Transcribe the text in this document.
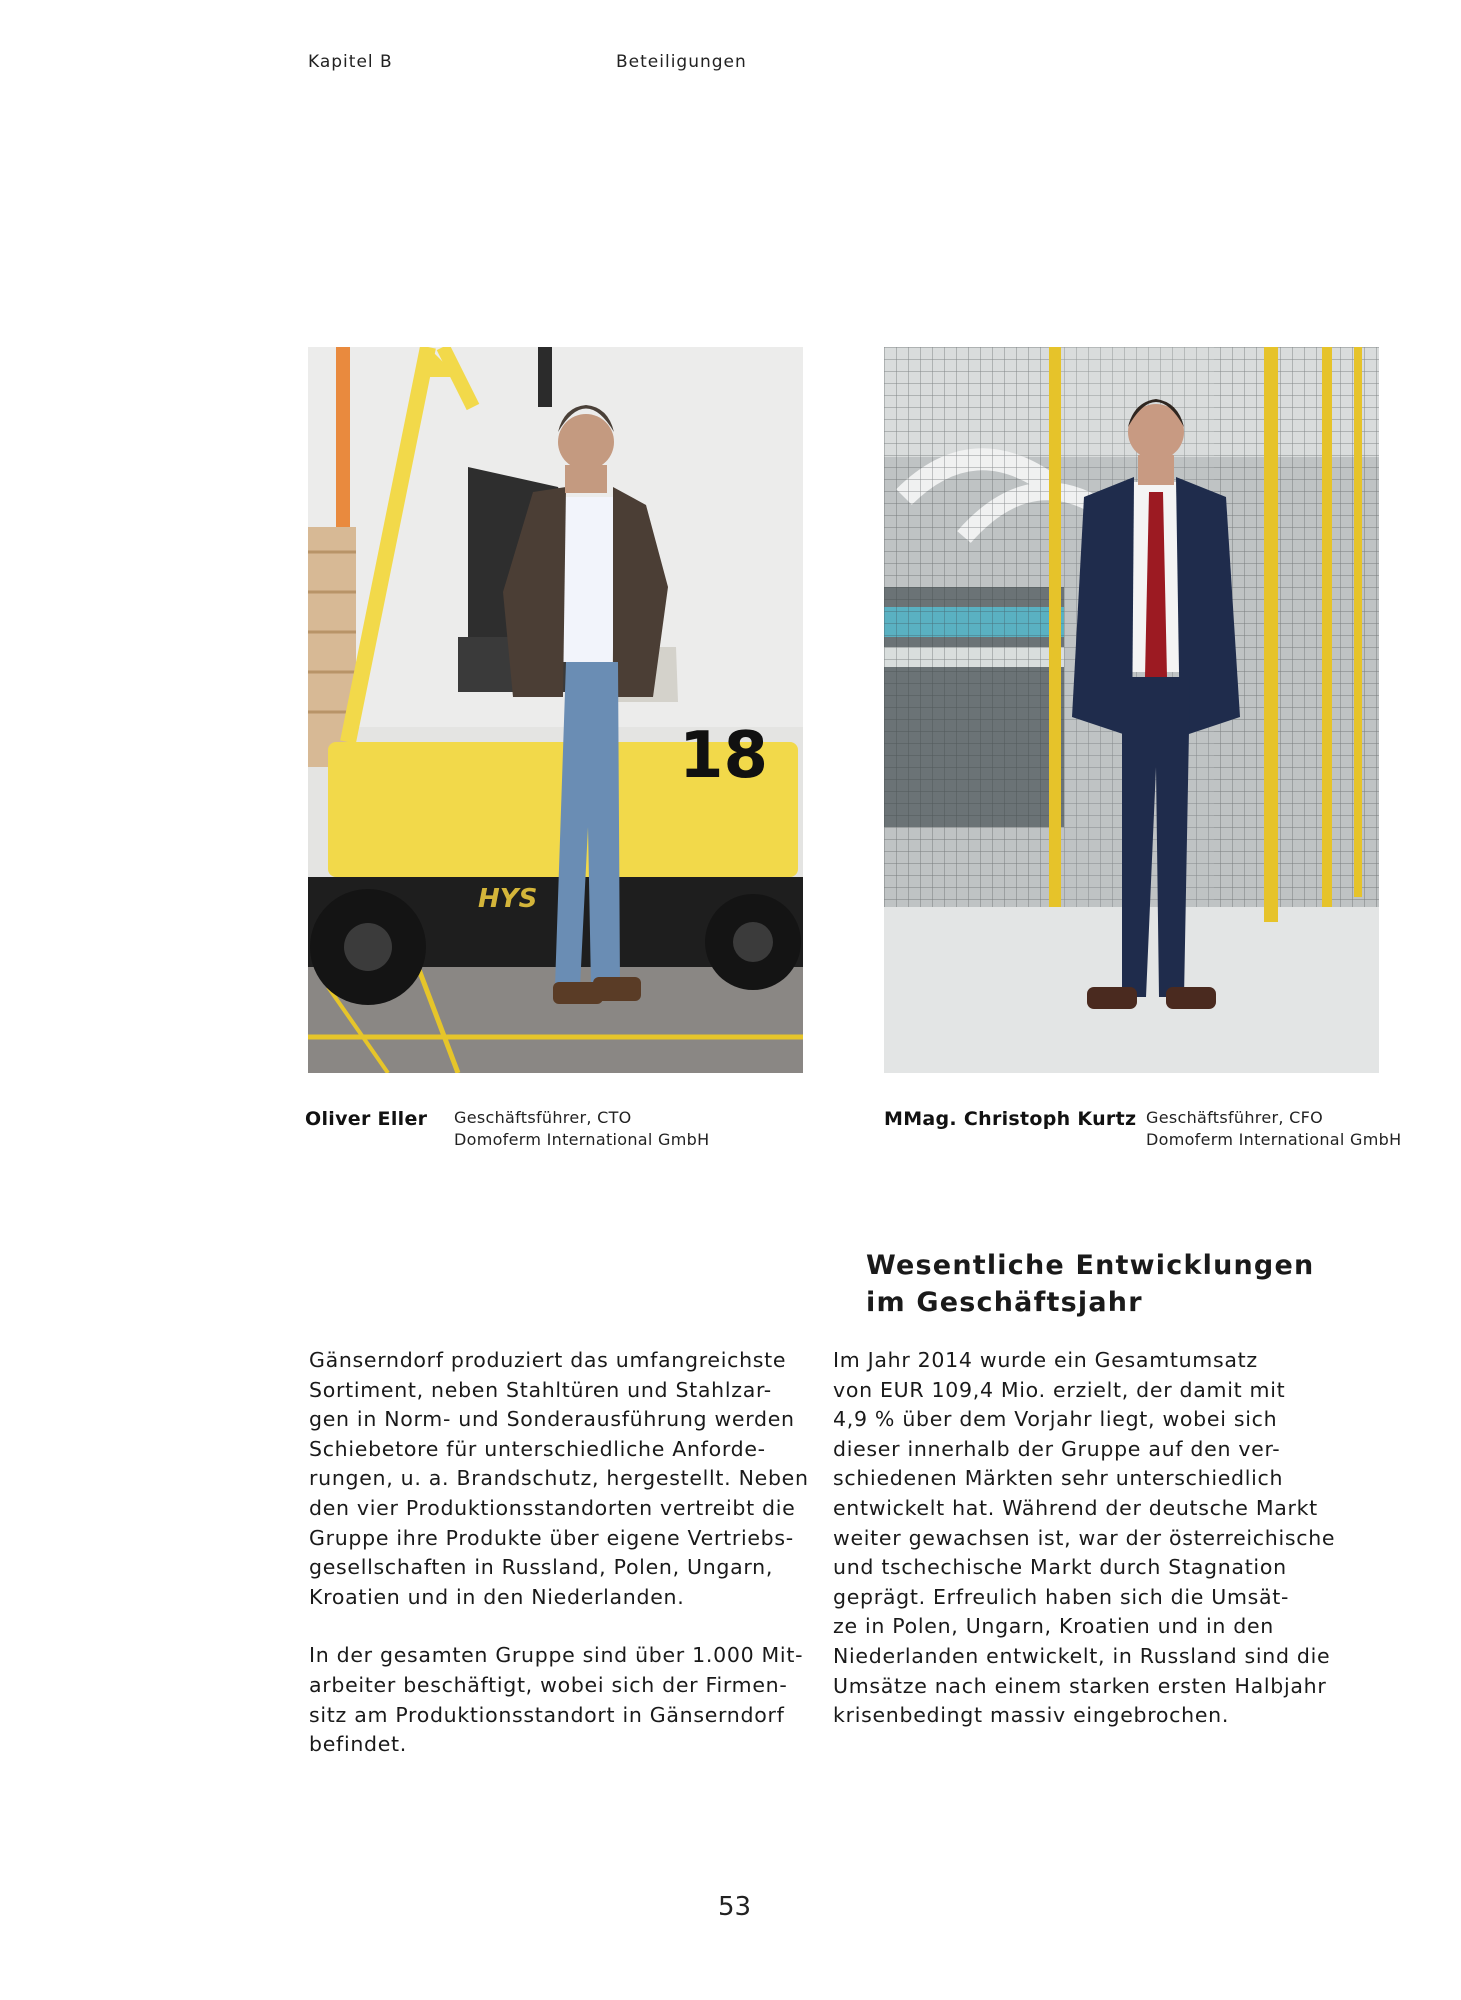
Kapitel B	Beteiligungen
18
HYS
Oliver Eller Geschäftsführer, CTO
Domoferm International GmbH
MMag. Christoph Kurtz Geschäftsführer, CFO
Domoferm International GmbH
Wesentliche Entwicklungen
im Geschäftsjahr

Gänserndorf produziert das umfangreichste
Sortiment, neben Stahltüren und Stahlzar-
gen in Norm- und Sonderausführung werden
Schiebetore für unterschiedliche Anforde-
rungen, u. a. Brandschutz, hergestellt. Neben
den vier Produktionsstandorten vertreibt die
Gruppe ihre Produkte über eigene Vertriebs-
gesellschaften in Russland, Polen, Ungarn,
Kroatien und in den Niederlanden.

In der gesamten Gruppe sind über 1.000 Mit-
arbeiter beschäftigt, wobei sich der Firmen-
sitz am Produktionsstandort in Gänserndorf
befindet.

Im Jahr 2014 wurde ein Gesamtumsatz
von EUR 109,4 Mio. erzielt, der damit mit
4,9 % über dem Vorjahr liegt, wobei sich
dieser innerhalb der Gruppe auf den ver-
schiedenen Märkten sehr unterschiedlich
entwickelt hat. Während der deutsche Markt
weiter gewachsen ist, war der österreichische
und tschechische Markt durch Stagnation
geprägt. Erfreulich haben sich die Umsät-
ze in Polen, Ungarn, Kroatien und in den
Niederlanden entwickelt, in Russland sind die
Umsätze nach einem starken ersten Halbjahr
krisenbedingt massiv eingebrochen.

53
